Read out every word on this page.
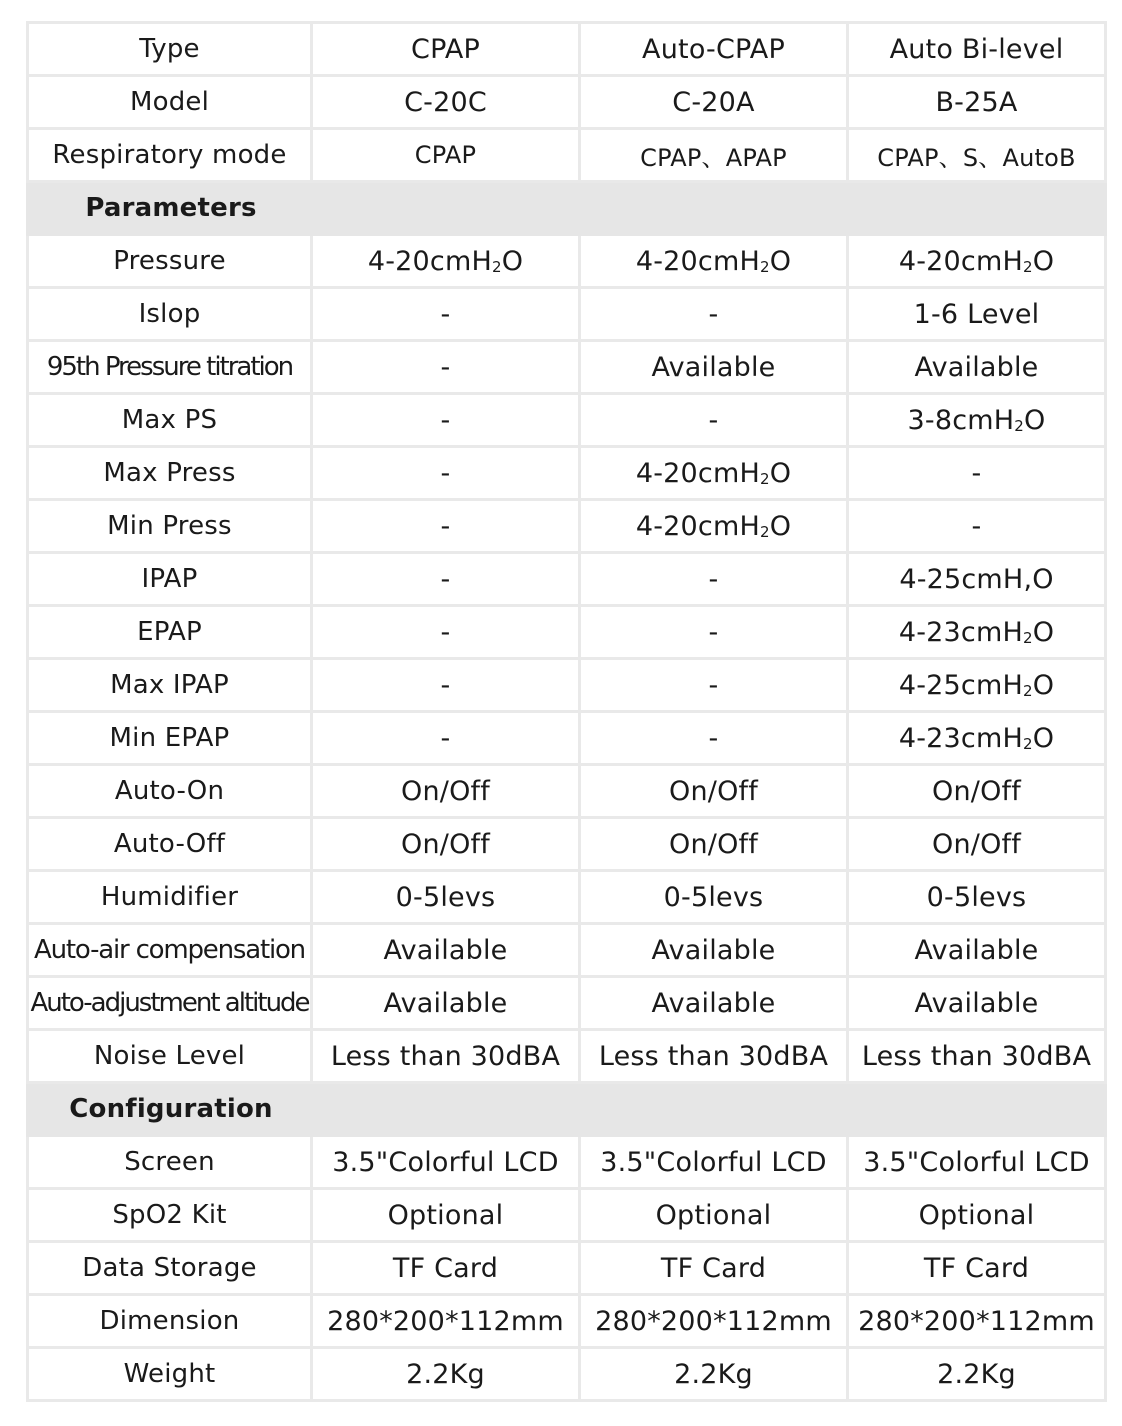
Type	CPAP	Auto-CPAP	Auto Bi-level
Model	C-20C	C-20A	B-25A
Respiratory mode	CPAP	CPAP、APAP	CPAP、S、AutoB
Parameters			
Pressure	4-20cmH$_2$O	4-20cmH$_2$O	4-20cmH$_2$O
Islop	-	-	1-6 Level
95th Pressure titration	-	Available	Available
Max PS	-	-	3-8cmH$_2$O
Max Press	-	4-20cmH$_2$O	-
Min Press	-	4-20cmH$_2$O	-
IPAP	-	-	4-25cmH,O
EPAP	-	-	4-23cmH$_2$O
Max IPAP	-	-	4-25cmH$_2$O
Min EPAP	-	-	4-23cmH$_2$O
Auto-On	On/Off	On/Off	On/Off
Auto-Off	On/Off	On/Off	On/Off
Humidifier	0-5levs	0-5levs	0-5levs
Auto-air compensation	Available	Available	Available
Auto-adjustment altitude	Available	Available	Available
Noise Level	Less than 30dBA	Less than 30dBA	Less than 30dBA
Configuration			
Screen	3.5"Colorful LCD	3.5"Colorful LCD	3.5"Colorful LCD
SpO2 Kit	Optional	Optional	Optional
Data Storage	TF Card	TF Card	TF Card
Dimension	280*200*112mm	280*200*112mm	280*200*112mm
Weight	2.2Kg	2.2Kg	2.2Kg
